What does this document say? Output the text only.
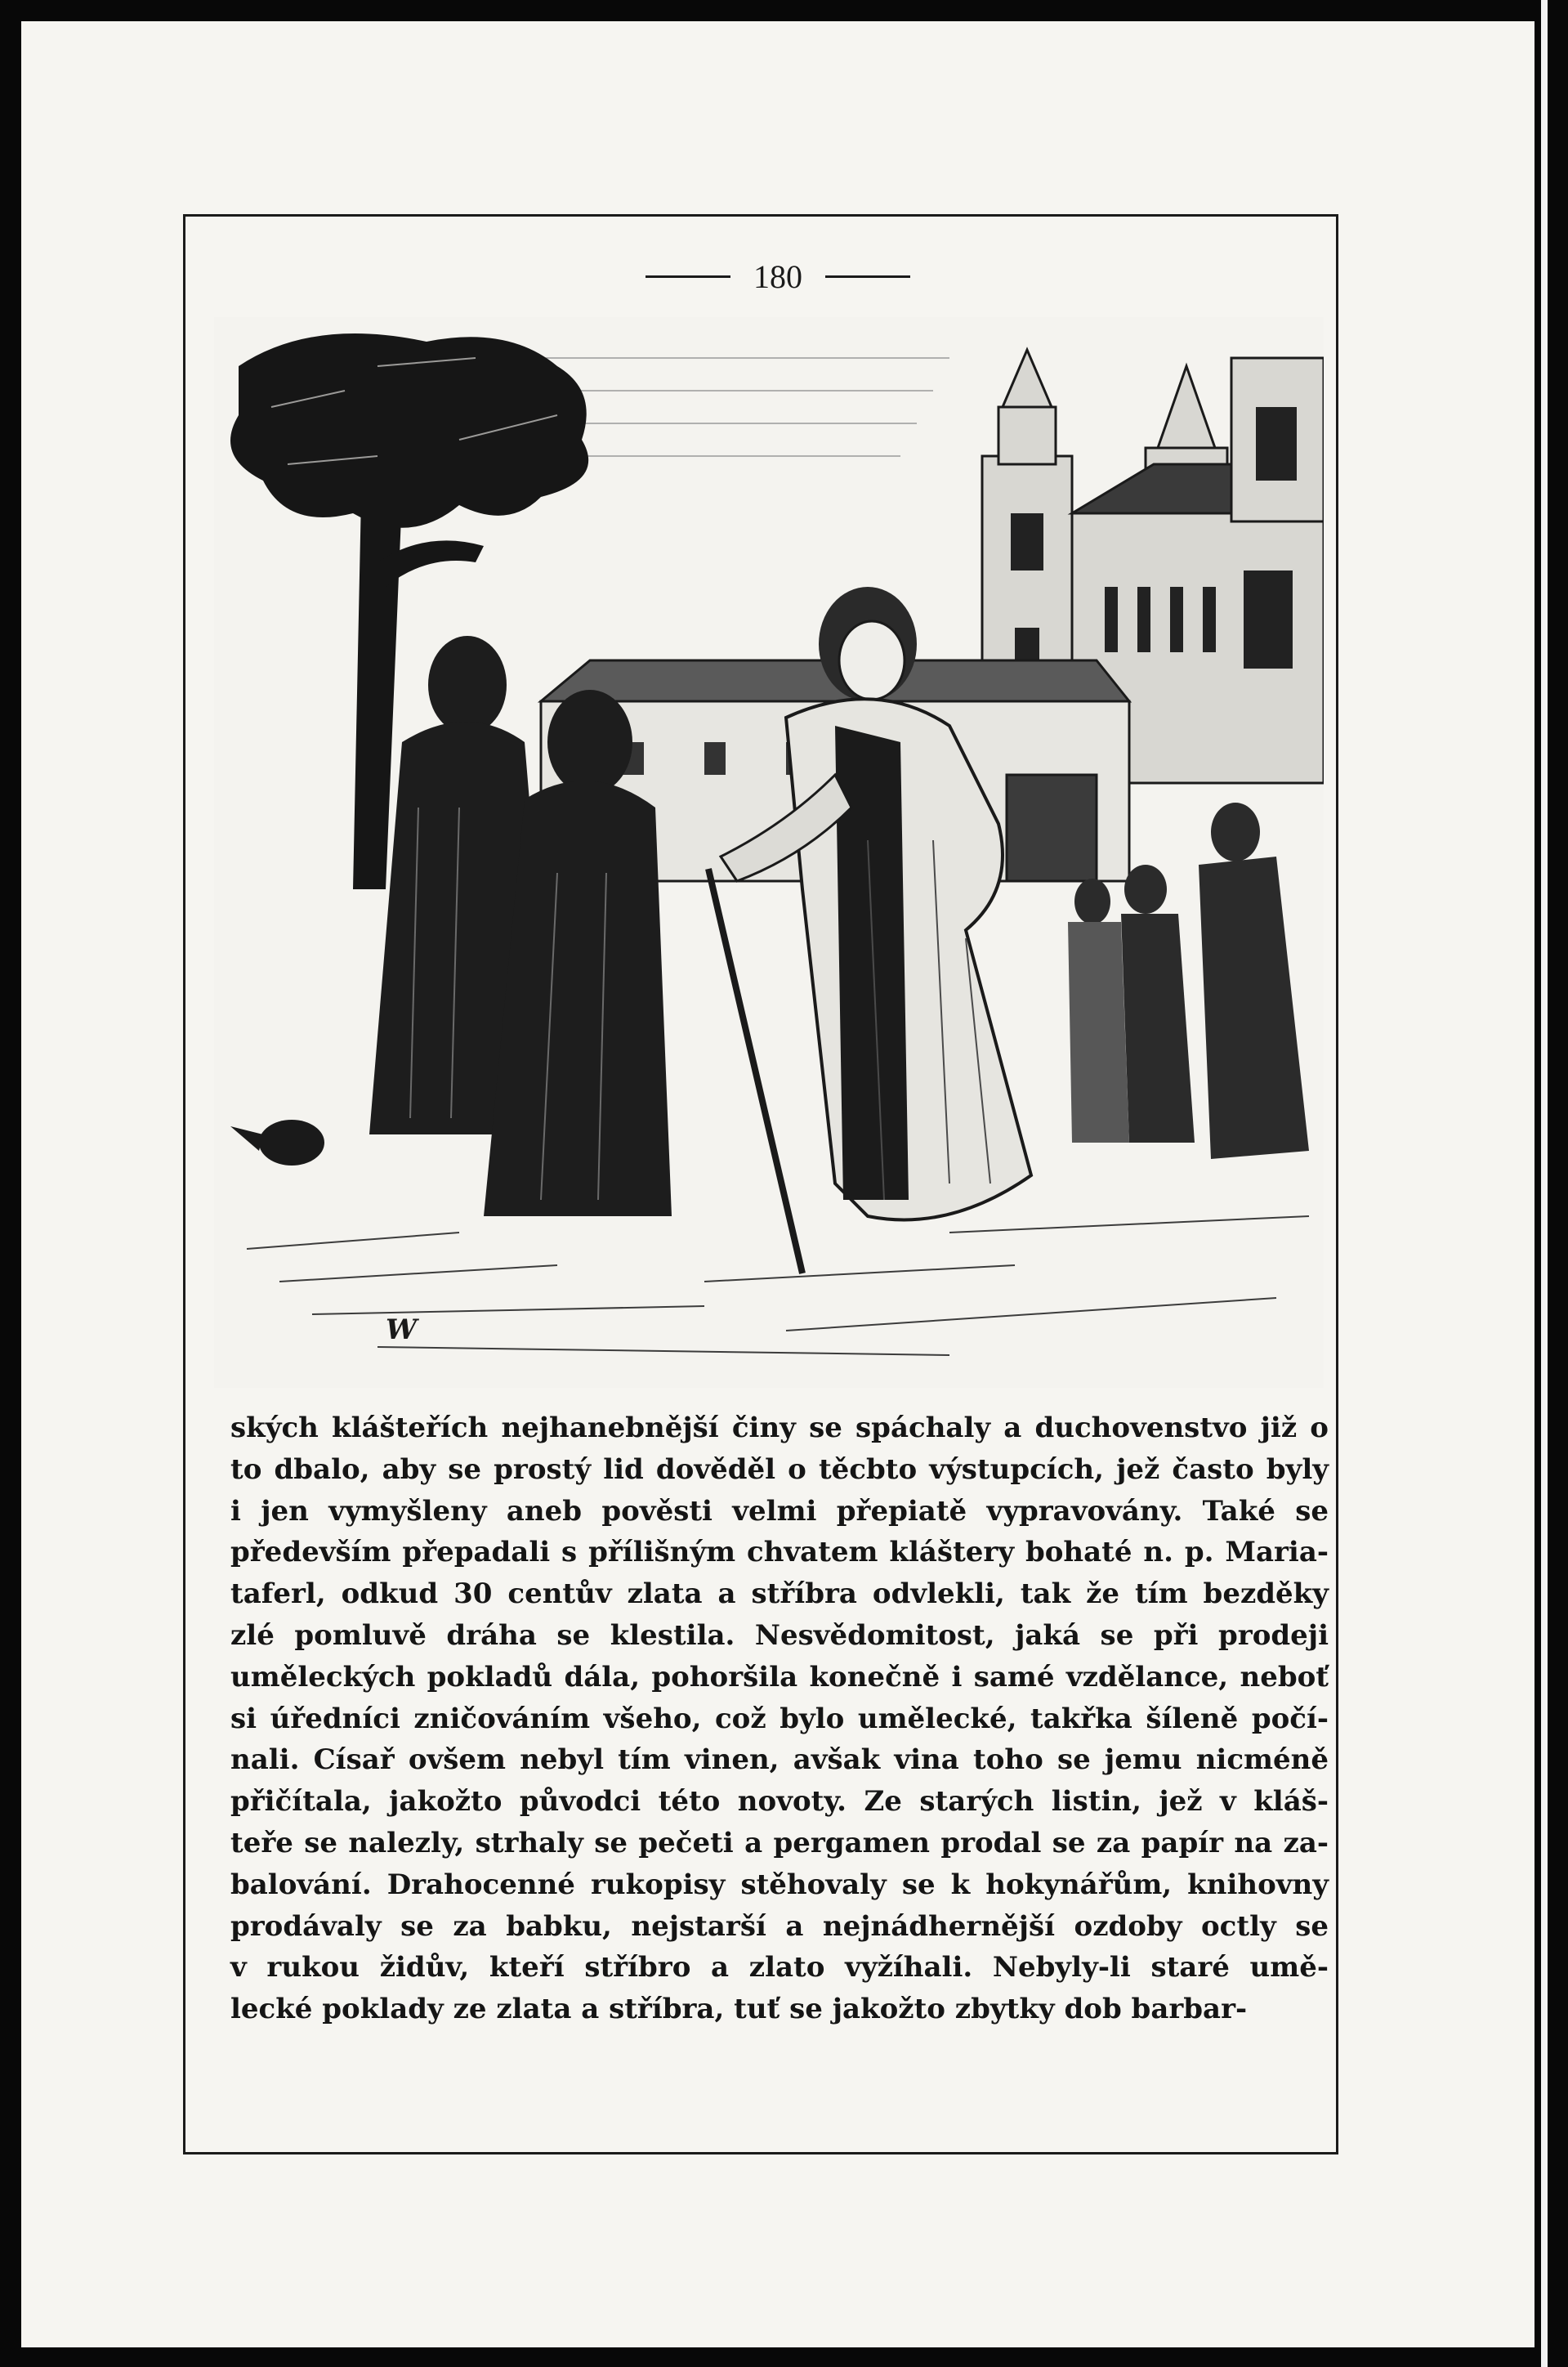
180
W
ských klášteřích nejhanebnější činy se spáchaly a duchovenstvo již o
to dbalo, aby se prostý lid dověděl o těcbto výstupcích, jež často byly
i jen vymyšleny aneb pověsti velmi přepiatě vypravovány. Také se
především přepadali s přílišným chvatem kláštery bohaté n. p. Maria-
taferl, odkud 30 centův zlata a stříbra odvlekli, tak že tím bezděky
zlé pomluvě dráha se klestila. Nesvědomitost, jaká se při prodeji
uměleckých pokladů dála, pohoršila konečně i samé vzdělance, neboť
si úředníci zničováním všeho, což bylo umělecké, takřka šíleně počí-
nali. Císař ovšem nebyl tím vinen, avšak vina toho se jemu nicméně
přičítala, jakožto původci této novoty. Ze starých listin, jež v kláš-
teře se nalezly, strhaly se pečeti a pergamen prodal se za papír na za-
balování. Drahocenné rukopisy stěhovaly se k hokynářům, knihovny
prodávaly se za babku, nejstarší a nejnádhernější ozdoby octly se
v rukou židův, kteří stříbro a zlato vyžíhali. Nebyly-li staré umě-
lecké poklady ze zlata a stříbra, tuť se jakožto zbytky dob barbar-
